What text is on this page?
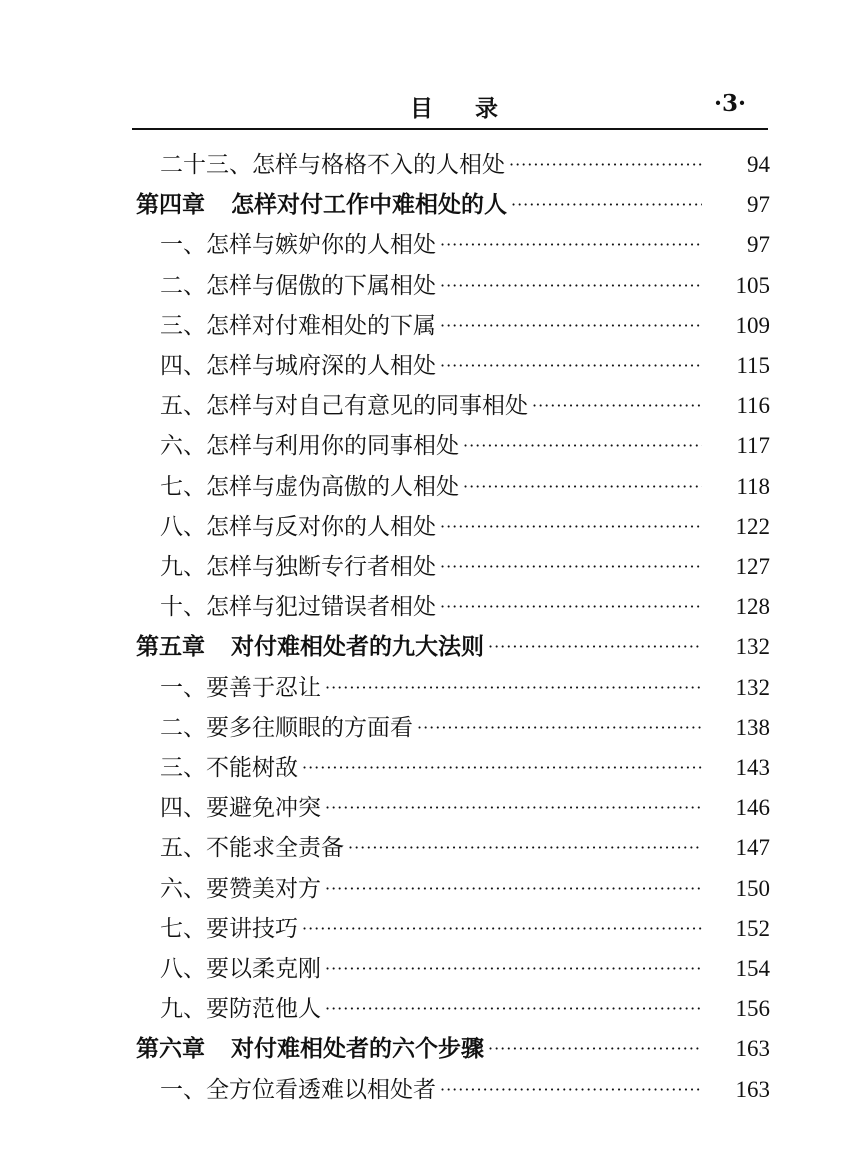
目录	·3·
二十三、怎样与格格不入的人相处 ·····	94
第四章 怎样对付工作中难相处的人 ·····	97
一、怎样与嫉妒你的人相处 ·····	97
二、怎样与倨傲的下属相处 ·····	105
三、怎样对付难相处的下属 ·····	109
四、怎样与城府深的人相处 ·····	115
五、怎样与对自己有意见的同事相处 ·····	116
六、怎样与利用你的同事相处 ·····	117
七、怎样与虚伪高傲的人相处 ·····	118
八、怎样与反对你的人相处 ·····	122
九、怎样与独断专行者相处 ·····	127
十、怎样与犯过错误者相处 ·····	128
第五章 对付难相处者的九大法则 ·····	132
一、要善于忍让 ·····	132
二、要多往顺眼的方面看 ·····	138
三、不能树敌 ·····	143
四、要避免冲突 ·····	146
五、不能求全责备 ·····	147
六、要赞美对方 ·····	150
七、要讲技巧 ·····	152
八、要以柔克刚 ·····	154
九、要防范他人 ·····	156
第六章 对付难相处者的六个步骤 ·····	163
一、全方位看透难以相处者 ·····	163
